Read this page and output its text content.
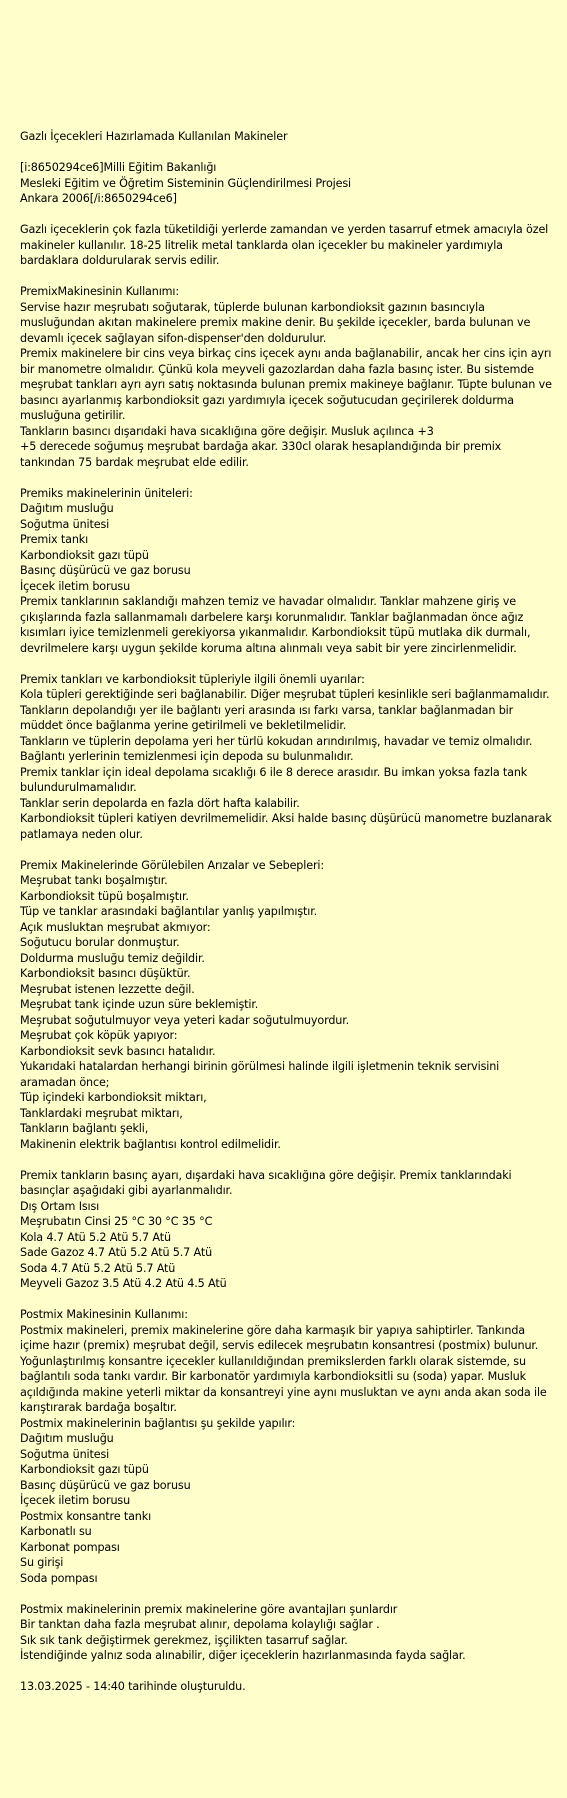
Gazlı İçecekleri Hazırlamada Kullanılan Makineler

[i:8650294ce6]Milli Eğitim Bakanlığı
Mesleki Eğitim ve Öğretim Sisteminin Güçlendirilmesi Projesi
Ankara 2006[/i:8650294ce6]

Gazlı içeceklerin çok fazla tüketildiği yerlerde zamandan ve yerden tasarruf etmek amacıyla özel makineler kullanılır. 18-25 litrelik metal tanklarda olan içecekler bu makineler yardımıyla bardaklara doldurularak servis edilir.

PremixMakinesinin Kullanımı:
Servise hazır meşrubatı soğutarak, tüplerde bulunan karbondioksit gazının basıncıyla musluğundan akıtan makinelere premix makine denir. Bu şekilde içecekler, barda bulunan ve devamlı içecek sağlayan sifon-dispenser'den doldurulur.
Premix makinelere bir cins veya birkaç cins içecek aynı anda bağlanabilir, ancak her cins için ayrı bir manometre olmalıdır. Çünkü kola meyveli gazozlardan daha fazla basınç ister. Bu sistemde meşrubat tankları ayrı ayrı satış noktasında bulunan premix makineye bağlanır. Tüpte bulunan ve basıncı ayarlanmış karbondioksit gazı yardımıyla içecek soğutucudan geçirilerek doldurma musluğuna getirilir.
Tankların basıncı dışarıdaki hava sıcaklığına göre değişir. Musluk açılınca +3
+5 derecede soğumuş meşrubat bardağa akar. 330cl olarak hesaplandığında bir premix tankından 75 bardak meşrubat elde edilir.

Premiks makinelerinin üniteleri:
Dağıtım musluğu
Soğutma ünitesi
Premix tankı
Karbondioksit gazı tüpü
Basınç düşürücü ve gaz borusu
İçecek iletim borusu
Premix tanklarının saklandığı mahzen temiz ve havadar olmalıdır. Tanklar mahzene giriş ve çıkışlarında fazla sallanmamalı darbelere karşı korunmalıdır. Tanklar bağlanmadan önce ağız kısımları iyice temizlenmeli gerekiyorsa yıkanmalıdır. Karbondioksit tüpü mutlaka dik durmalı, devrilmelere karşı uygun şekilde koruma altına alınmalı veya sabit bir yere zincirlenmelidir.

Premix tankları ve karbondioksit tüpleriyle ilgili önemli uyarılar:
Kola tüpleri gerektiğinde seri bağlanabilir. Diğer meşrubat tüpleri kesinlikle seri bağlanmamalıdır.
Tankların depolandığı yer ile bağlantı yeri arasında ısı farkı varsa, tanklar bağlanmadan bir müddet önce bağlanma yerine getirilmeli ve bekletilmelidir.
Tankların ve tüplerin depolama yeri her türlü kokudan arındırılmış, havadar ve temiz olmalıdır. Bağlantı yerlerinin temizlenmesi için depoda su bulunmalıdır.
Premix tanklar için ideal depolama sıcaklığı 6 ile 8 derece arasıdır. Bu imkan yoksa fazla tank bulundurulmamalıdır.
Tanklar serin depolarda en fazla dört hafta kalabilir.
Karbondioksit tüpleri katiyen devrilmemelidir. Aksi halde basınç düşürücü manometre buzlanarak patlamaya neden olur.

Premix Makinelerinde Görülebilen Arızalar ve Sebepleri:
Meşrubat tankı boşalmıştır.
Karbondioksit tüpü boşalmıştır.
Tüp ve tanklar arasındaki bağlantılar yanlış yapılmıştır.
Açık musluktan meşrubat akmıyor:
Soğutucu borular donmuştur.
Doldurma musluğu temiz değildir.
Karbondioksit basıncı düşüktür.
Meşrubat istenen lezzette değil.
Meşrubat tank içinde uzun süre beklemiştir.
Meşrubat soğutulmuyor veya yeteri kadar soğutulmuyordur.
Meşrubat çok köpük yapıyor:
Karbondioksit sevk basıncı hatalıdır.
Yukarıdaki hatalardan herhangi birinin görülmesi halinde ilgili işletmenin teknik servisini aramadan önce;
Tüp içindeki karbondioksit miktarı,
Tanklardaki meşrubat miktarı,
Tankların bağlantı şekli,
Makinenin elektrik bağlantısı kontrol edilmelidir.

Premix tankların basınç ayarı, dışardaki hava sıcaklığına göre değişir. Premix tanklarındaki basınçlar aşağıdaki gibi ayarlanmalıdır.
Dış Ortam Isısı
Meşrubatın Cinsi 25 °C 30 °C 35 °C
Kola 4.7 Atü 5.2 Atü 5.7 Atü
Sade Gazoz 4.7 Atü 5.2 Atü 5.7 Atü
Soda 4.7 Atü 5.2 Atü 5.7 Atü
Meyveli Gazoz 3.5 Atü 4.2 Atü 4.5 Atü

Postmix Makinesinin Kullanımı:
Postmix makineleri, premix makinelerine göre daha karmaşık bir yapıya sahiptirler. Tankında içime hazır (premix) meşrubat değil, servis edilecek meşrubatın konsantresi (postmix) bulunur. Yoğunlaştırılmış konsantre içecekler kullanıldığından premikslerden farklı olarak sistemde, su bağlantılı soda tankı vardır. Bir karbonatör yardımıyla karbondioksitli su (soda) yapar. Musluk açıldığında makine yeterli miktar da konsantreyi yine aynı musluktan ve aynı anda akan soda ile karıştırarak bardağa boşaltır.
Postmix makinelerinin bağlantısı şu şekilde yapılır:
Dağıtım musluğu
Soğutma ünitesi
Karbondioksit gazı tüpü
Basınç düşürücü ve gaz borusu
İçecek iletim borusu
Postmix konsantre tankı
Karbonatlı su
Karbonat pompası
Su girişi
Soda pompası

Postmix makinelerinin premix makinelerine göre avantajları şunlardır
Bir tanktan daha fazla meşrubat alınır, depolama kolaylığı sağlar .
Sık sık tank değiştirmek gerekmez, işçilikten tasarruf sağlar.
İstendiğinde yalnız soda alınabilir, diğer içeceklerin hazırlanmasında fayda sağlar.

13.03.2025 - 14:40 tarihinde oluşturuldu.
